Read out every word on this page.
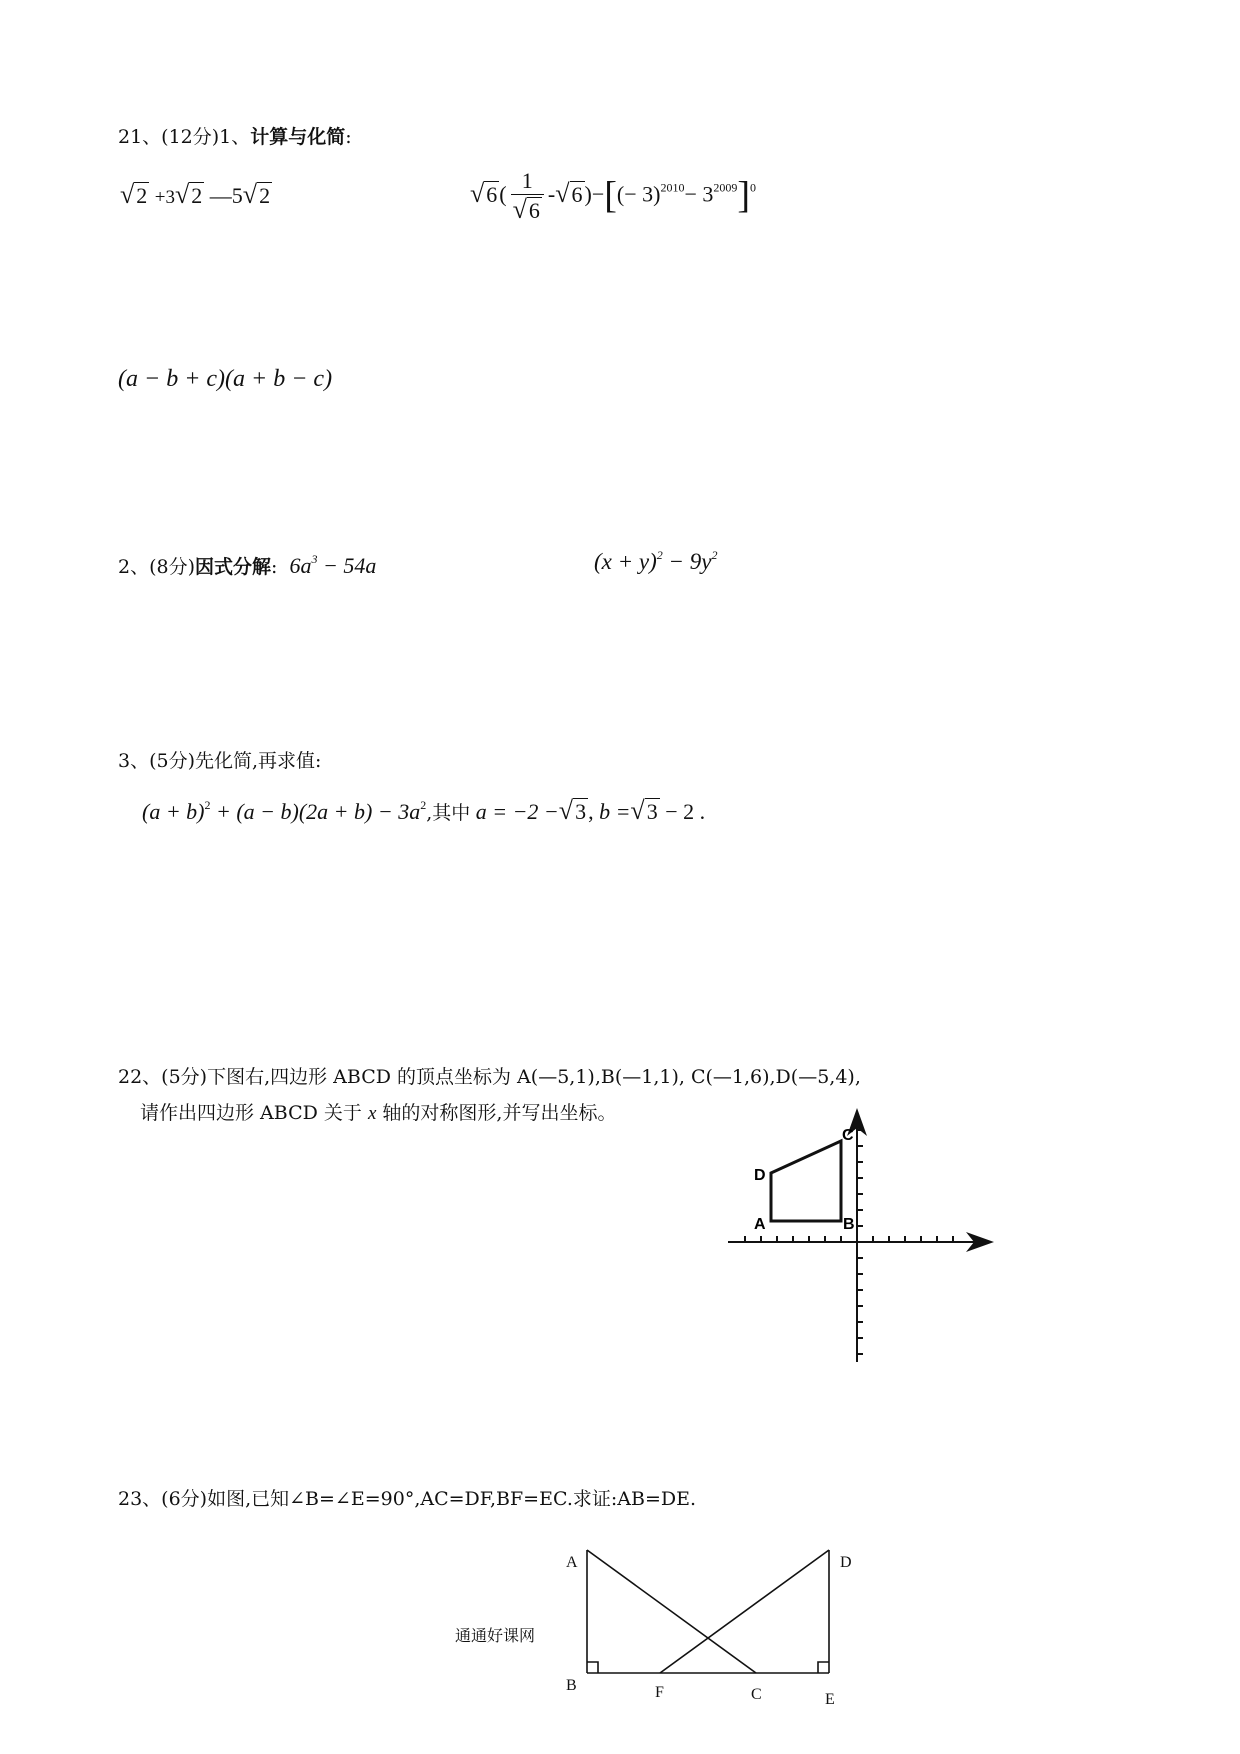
21、(12分)1、计算与化简:
√2 +3√2 —5√2	$√6( \frac{1}{√6} -√6)-[(- 3)^{2010}- 3^{2009}]^0$
(a − b + c)(a + b − c)
2、(8分)因式分解: $6a^3 - 54a$	$(x + y)^2 - 9y^2$
3、(5分)先化简,再求值:
$(a + b)^2 + (a - b)(2a + b) - 3a^2$,其中 a = −2 −√3, b =√3 − 2 .
22、(5分)下图右,四边形 ABCD 的顶点坐标为 A(—5,1),B(—1,1), C(—1,6),D(—5,4),
请作出四边形 ABCD 关于 x 轴的对称图形,并写出坐标。
A	B
C
D
A	D
B	F	C	E
23、(6分)如图,已知∠B=∠E=90°,AC=DF,BF=EC.求证:AB=DE.
通通好课网
